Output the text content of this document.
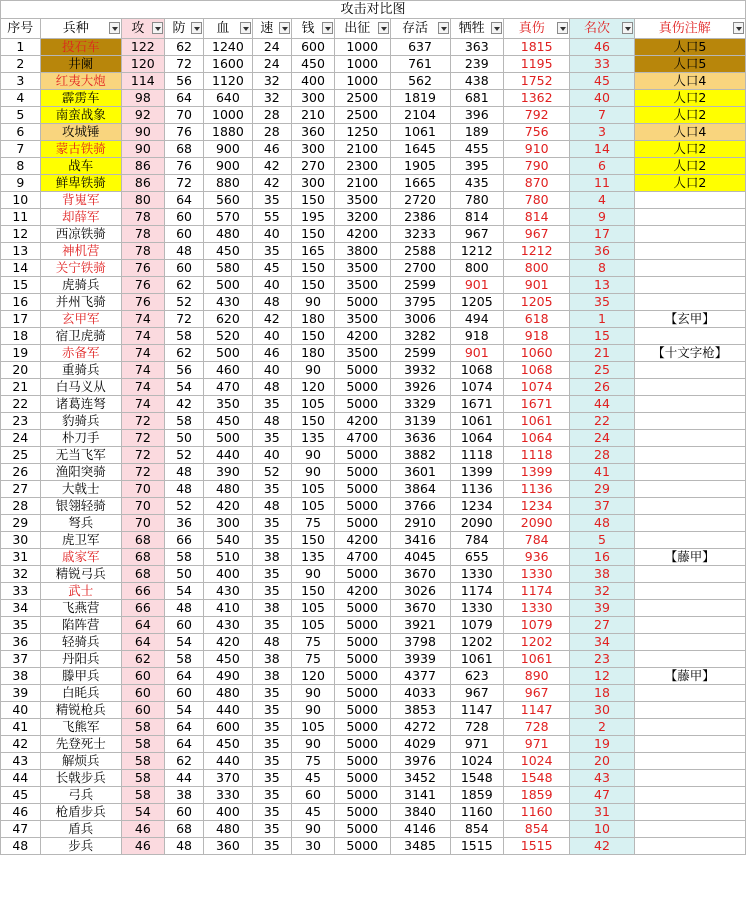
攻击对比图												
序号	兵种	攻	防	血	速	钱	出征	存活	牺牲	真伤	名次	真伤注解

1	投石车	122	62	1240	24	600	1000	637	363	1815	46	人口5
2	井阑	120	72	1600	24	450	1000	761	239	1195	33	人口5
3	红夷大炮	114	56	1120	32	400	1000	562	438	1752	45	人口4
4	霹雳车	98	64	640	32	300	2500	1819	681	1362	40	人口2
5	南蛮战象	92	70	1000	28	210	2500	2104	396	792	7	人口2
6	攻城锤	90	76	1880	28	360	1250	1061	189	756	3	人口4
7	蒙古铁骑	90	68	900	46	300	2100	1645	455	910	14	人口2
8	战车	86	76	900	42	270	2300	1905	395	790	6	人口2
9	鲜卑铁骑	86	72	880	42	300	2100	1665	435	870	11	人口2
10	背嵬军	80	64	560	35	150	3500	2720	780	780	4	
11	却薛军	78	60	570	55	195	3200	2386	814	814	9	
12	西凉铁骑	78	60	480	40	150	4200	3233	967	967	17	
13	神机营	78	48	450	35	165	3800	2588	1212	1212	36	
14	关宁铁骑	76	60	580	45	150	3500	2700	800	800	8	
15	虎骑兵	76	62	500	40	150	3500	2599	901	901	13	
16	并州飞骑	76	52	430	48	90	5000	3795	1205	1205	35	
17	玄甲军	74	72	620	42	180	3500	3006	494	618	1	【玄甲】
18	宿卫虎骑	74	58	520	40	150	4200	3282	918	918	15	
19	赤备军	74	62	500	46	180	3500	2599	901	1060	21	【十文字枪】
20	重骑兵	74	56	460	40	90	5000	3932	1068	1068	25	
21	白马义从	74	54	470	48	120	5000	3926	1074	1074	26	
22	诸葛连弩	74	42	350	35	105	5000	3329	1671	1671	44	
23	豹骑兵	72	58	450	48	150	4200	3139	1061	1061	22	
24	朴刀手	72	50	500	35	135	4700	3636	1064	1064	24	
25	无当飞军	72	52	440	40	90	5000	3882	1118	1118	28	
26	渔阳突骑	72	48	390	52	90	5000	3601	1399	1399	41	
27	大戟士	70	48	480	35	105	5000	3864	1136	1136	29	
28	银翎轻骑	70	52	420	48	105	5000	3766	1234	1234	37	
29	弩兵	70	36	300	35	75	5000	2910	2090	2090	48	
30	虎卫军	68	66	540	35	150	4200	3416	784	784	5	
31	戚家军	68	58	510	38	135	4700	4045	655	936	16	【藤甲】
32	精锐弓兵	68	50	400	35	90	5000	3670	1330	1330	38	
33	武士	66	54	430	35	150	4200	3026	1174	1174	32	
34	飞燕营	66	48	410	38	105	5000	3670	1330	1330	39	
35	陷阵营	64	60	430	35	105	5000	3921	1079	1079	27	
36	轻骑兵	64	54	420	48	75	5000	3798	1202	1202	34	
37	丹阳兵	62	58	450	38	75	5000	3939	1061	1061	23	
38	滕甲兵	60	64	490	38	120	5000	4377	623	890	12	【藤甲】
39	白眊兵	60	60	480	35	90	5000	4033	967	967	18	
40	精锐枪兵	60	54	440	35	90	5000	3853	1147	1147	30	
41	飞熊军	58	64	600	35	105	5000	4272	728	728	2	
42	先登死士	58	64	450	35	90	5000	4029	971	971	19	
43	解烦兵	58	62	440	35	75	5000	3976	1024	1024	20	
44	长戟步兵	58	44	370	35	45	5000	3452	1548	1548	43	
45	弓兵	58	38	330	35	60	5000	3141	1859	1859	47	
46	枪盾步兵	54	60	400	35	45	5000	3840	1160	1160	31	
47	盾兵	46	68	480	35	90	5000	4146	854	854	10	
48	步兵	46	48	360	35	30	5000	3485	1515	1515	42	
